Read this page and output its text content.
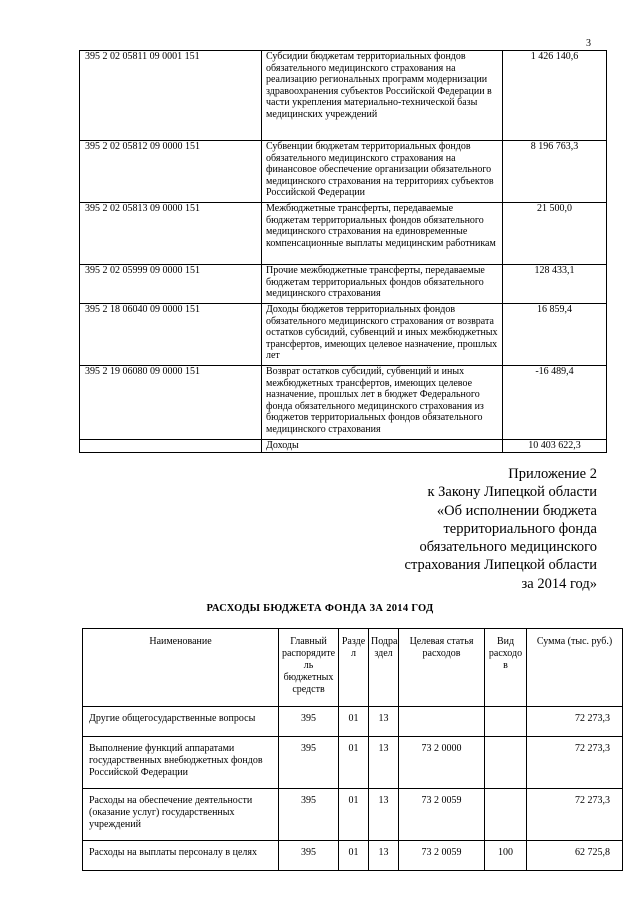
3
395 2 02 05811 09 0001 151	Субсидии бюджетам территориальных фондов обязательного медицинского страхования на реализацию региональных программ модернизации здравоохранения субъектов Российской Федерации в части укрепления материально-технической базы медицинских учреждений	1 426 140,6
395 2 02 05812 09 0000 151	Субвенции бюджетам территориальных фондов обязательного медицинского страхования на финансовое обеспечение организации обязательного медицинского страхования на территориях субъектов Российской Федерации	8 196 763,3
395 2 02 05813 09 0000 151	Межбюджетные трансферты, передаваемые бюджетам территориальных фондов обязательного медицинского страхования на единовременные компенсационные выплаты медицинским работникам	21 500,0
395 2 02 05999 09 0000 151	Прочие межбюджетные трансферты, передаваемые бюджетам территориальных фондов обязательного медицинского страхования	128 433,1
395 2 18 06040 09 0000 151	Доходы бюджетов территориальных фондов обязательного медицинского страхования от возврата остатков субсидий, субвенций и иных межбюджетных трансфертов, имеющих целевое назначение, прошлых лет	16 859,4
395 2 19 06080 09 0000 151	Возврат остатков субсидий, субвенций и иных межбюджетных трансфертов, имеющих целевое назначение, прошлых лет в бюджет Федерального фонда обязательного медицинского страхования из бюджетов территориальных фондов обязательного медицинского страхования	-16 489,4
	Доходы	10 403 622,3
Приложение 2
к Закону Липецкой области
«Об исполнении бюджета
территориального фонда
обязательного медицинского
страхования Липецкой области
за 2014 год»
РАСХОДЫ БЮДЖЕТА ФОНДА ЗА 2014 ГОД
Наименование	Главный распорядите ль бюджетных средств	Разде л	Подра здел	Целевая статья расходов	Вид расходо в	Сумма (тыс. руб.)
Другие общегосударственные вопросы	395	01	13			72 273,3
Выполнение функций аппаратами государственных внебюджетных фондов Российской Федерации	395	01	13	73 2 0000		72 273,3
Расходы на обеспечение деятельности (оказание услуг) государственных учреждений	395	01	13	73 2 0059		72 273,3
Расходы на выплаты персоналу в целях	395	01	13	73 2 0059	100	62 725,8
